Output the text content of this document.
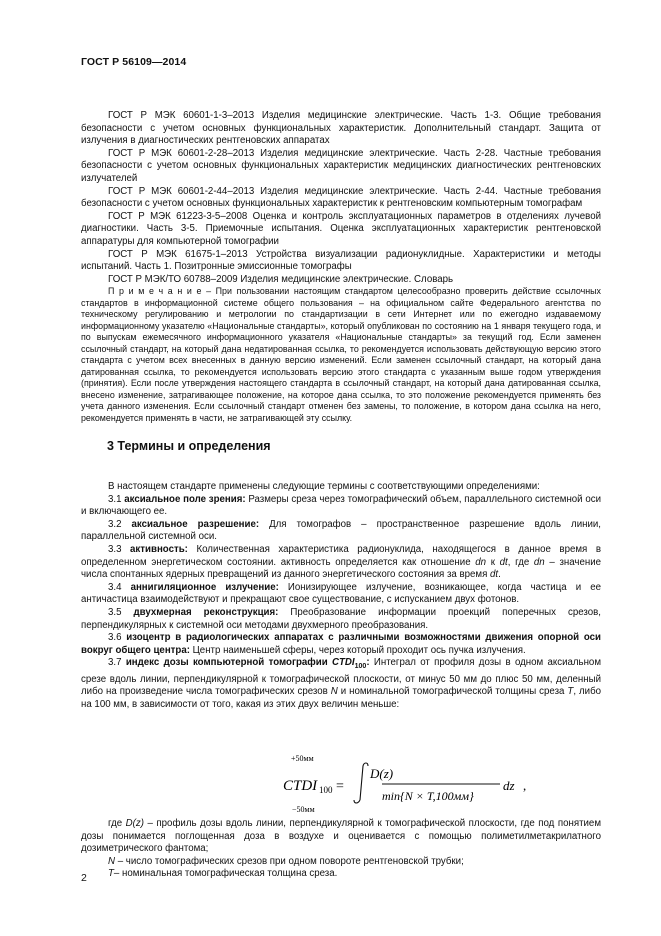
ГОСТ Р 56109—2014

ГОСТ Р МЭК 60601-1-3–2013 Изделия медицинские электрические. Часть 1-3. Общие требования безопасности с учетом основных функциональных характеристик. Дополнительный стандарт. Защита от излучения в диагностических рентгеновских аппаратах

ГОСТ Р МЭК 60601-2-28–2013 Изделия медицинские электрические. Часть 2-28. Частные требования безопасности с учетом основных функциональных характеристик медицинских диагностических рентгеновских излучателей

ГОСТ Р МЭК 60601-2-44–2013 Изделия медицинские электрические. Часть 2-44. Частные требования безопасности с учетом основных функциональных характеристик к рентгеновским компьютерным томографам

ГОСТ Р МЭК 61223-3-5–2008 Оценка и контроль эксплуатационных параметров в отделениях лучевой диагностики. Часть 3-5. Приемочные испытания. Оценка эксплуатационных характеристик рентгеновской аппаратуры для компьютерной томографии

ГОСТ Р МЭК 61675-1–2013 Устройства визуализации радионуклидные. Характеристики и методы испытаний. Часть 1. Позитронные эмиссионные томографы

ГОСТ Р МЭК/ТО 60788–2009 Изделия медицинские электрические. Словарь

П р и м е ч а н и е – При пользовании настоящим стандартом целесообразно проверить действие ссылочных стандартов в информационной системе общего пользования – на официальном сайте Федерального агентства по техническому регулированию и метрологии по стандартизации в сети Интернет или по ежегодно издаваемому информационному указателю «Национальные стандарты», который опубликован по состоянию на 1 января текущего года, и по выпускам ежемесячного информационного указателя «Национальные стандарты» за текущий год. Если заменен ссылочный стандарт, на который дана недатированная ссылка, то рекомендуется использовать действующую версию этого стандарта с учетом всех внесенных в данную версию изменений. Если заменен ссылочный стандарт, на который дана датированная ссылка, то рекомендуется использовать версию этого стандарта с указанным выше годом утверждения (принятия). Если после утверждения настоящего стандарта в ссылочный стандарт, на который дана датированная ссылка, внесено изменение, затрагивающее положение, на которое дана ссылка, то это положение рекомендуется применять без учета данного изменения. Если ссылочный стандарт отменен без замены, то положение, в котором дана ссылка на него, рекомендуется применять в части, не затрагивающей эту ссылку.

3 Термины и определения

В настоящем стандарте применены следующие термины с соответствующими определениями:

3.1 аксиальное поле зрения: Размеры среза через томографический объем, параллельного системной оси и включающего ее.

3.2 аксиальное разрешение: Для томографов – пространственное разрешение вдоль линии, параллельной системной оси.

3.3 активность: Количественная характеристика радионуклида, находящегося в данное время в определенном энергетическом состоянии. активность определяется как отношение dn к dt, где dn – значение числа спонтанных ядерных превращений из данного энергетического состояния за время dt.

3.4 аннигиляционное излучение: Ионизирующее излучение, возникающее, когда частица и ее античастица взаимодействуют и прекращают свое существование, с испусканием двух фотонов.

3.5 двухмерная реконструкция: Преобразование информации проекций поперечных срезов, перпендикулярных к системной оси методами двухмерного преобразования.

3.6 изоцентр в радиологических аппаратах с различными возможностями движения опорной оси вокруг общего центра: Центр наименьшей сферы, через который проходит ось пучка излучения.

3.7 индекс дозы компьютерной томографии $CTDI_{100}$: Интеграл от профиля дозы в одном аксиальном срезе вдоль линии, перпендикулярной к томографической плоскости, от минус 50 мм до плюс 50 мм, деленный либо на произведение числа томографических срезов N и номинальной томографической толщины среза T, либо на 100 мм, в зависимости от того, какая из этих двух величин меньше:

CTDI 100 =
+50мм
−50мм
D(z)
min{N × T,100мм}
dz ,

где D(z) – профиль дозы вдоль линии, перпендикулярной к томографической плоскости, где под понятием дозы понимается поглощенная доза в воздухе и оценивается с помощью полиметилметакрилатного дозиметрического фантома;

N – число томографических срезов при одном повороте рентгеновской трубки;

T– номинальная томографическая толщина среза.

2
